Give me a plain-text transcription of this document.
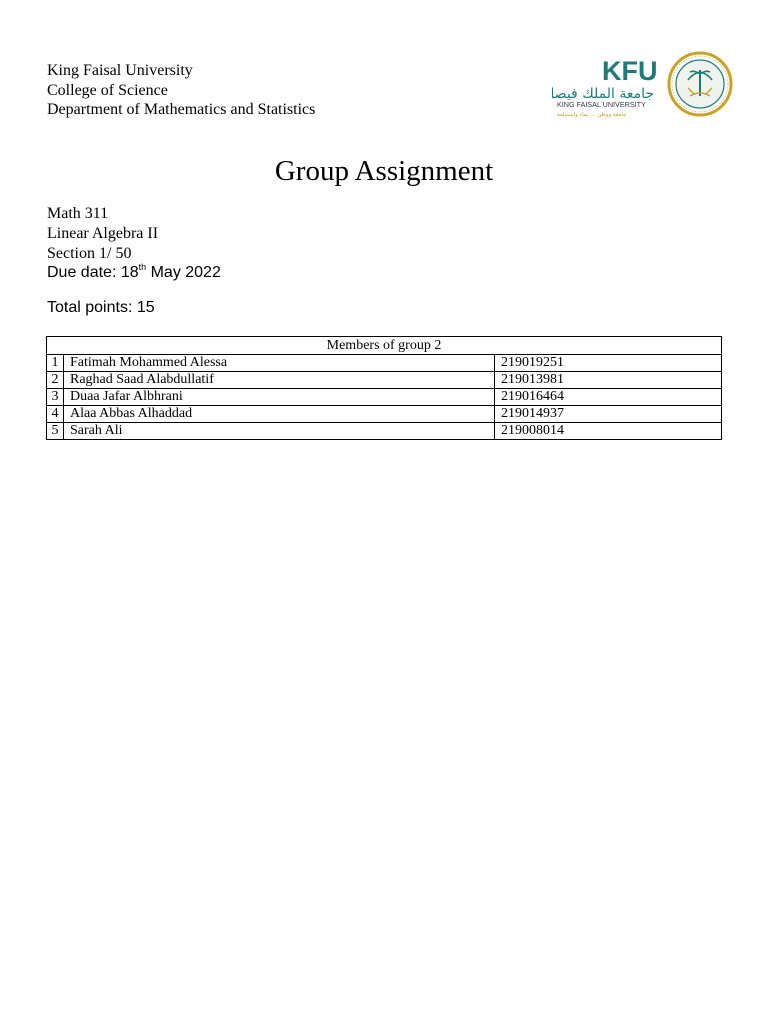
King Faisal University
College of Science
Department of Mathematics and Statistics
KFU
جامعة الملك فيصل
KING FAISAL UNIVERSITY
جامعة ووطن ... نماء واستدامة
Group Assignment
Math 311
Linear Algebra II
Section 1/ 50
Due date: 18th May 2022
Total points: 15
Members of group 2		
1	Fatimah Mohammed Alessa	219019251
2	Raghad Saad Alabdullatif	219013981
3	Duaa Jafar Albhrani	219016464
4	Alaa Abbas Alhaddad	219014937
5	Sarah Ali	219008014
